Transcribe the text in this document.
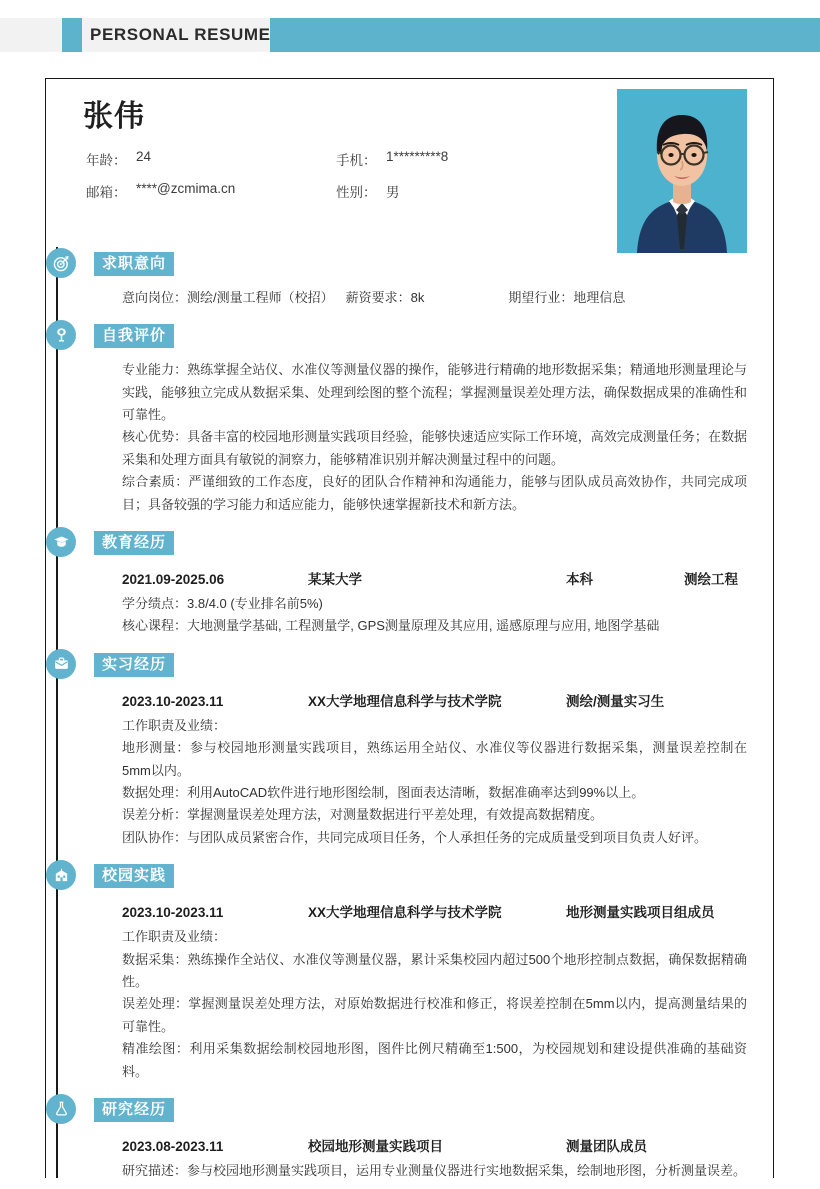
PERSONAL RESUME
张伟
年龄： 24	手机： 1*********8
邮箱： ****@zcmima.cn	性别： 男
求职意向
意向岗位：测绘/测量工程师（校招） 薪资要求：8k	期望行业：地理信息
自我评价
专业能力：熟练掌握全站仪、水准仪等测量仪器的操作，能够进行精确的地形数据采集；精通地形测量理论与实践，能够独立完成从数据采集、处理到绘图的整个流程；掌握测量误差处理方法，确保数据成果的准确性和可靠性。
核心优势：具备丰富的校园地形测量实践项目经验，能够快速适应实际工作环境，高效完成测量任务；在数据采集和处理方面具有敏锐的洞察力，能够精准识别并解决测量过程中的问题。
综合素质：严谨细致的工作态度，良好的团队合作精神和沟通能力，能够与团队成员高效协作，共同完成项目；具备较强的学习能力和适应能力，能够快速掌握新技术和新方法。
教育经历
2021.09-2025.06	某某大学	本科	测绘工程
学分绩点：3.8/4.0 (专业排名前5%)
核心课程：大地测量学基础, 工程测量学, GPS测量原理及其应用, 遥感原理与应用, 地图学基础
实习经历
2023.10-2023.11	XX大学地理信息科学与技术学院	测绘/测量实习生
工作职责及业绩：
地形测量：参与校园地形测量实践项目，熟练运用全站仪、水准仪等仪器进行数据采集，测量误差控制在5mm以内。
数据处理：利用AutoCAD软件进行地形图绘制，图面表达清晰，数据准确率达到99%以上。
误差分析：掌握测量误差处理方法，对测量数据进行平差处理，有效提高数据精度。
团队协作：与团队成员紧密合作，共同完成项目任务，个人承担任务的完成质量受到项目负责人好评。
校园实践
2023.10-2023.11	XX大学地理信息科学与技术学院	地形测量实践项目组成员
工作职责及业绩：
数据采集：熟练操作全站仪、水准仪等测量仪器，累计采集校园内超过500个地形控制点数据，确保数据精确性。
误差处理：掌握测量误差处理方法，对原始数据进行校准和修正，将误差控制在5mm以内，提高测量结果的可靠性。
精准绘图：利用采集数据绘制校园地形图，图件比例尺精确至1:500，为校园规划和建设提供准确的基础资料。
研究经历
2023.08-2023.11	校园地形测量实践项目	测量团队成员
研究描述：参与校园地形测量实践项目，运用专业测量仪器进行实地数据采集，绘制地形图，分析测量误差。
